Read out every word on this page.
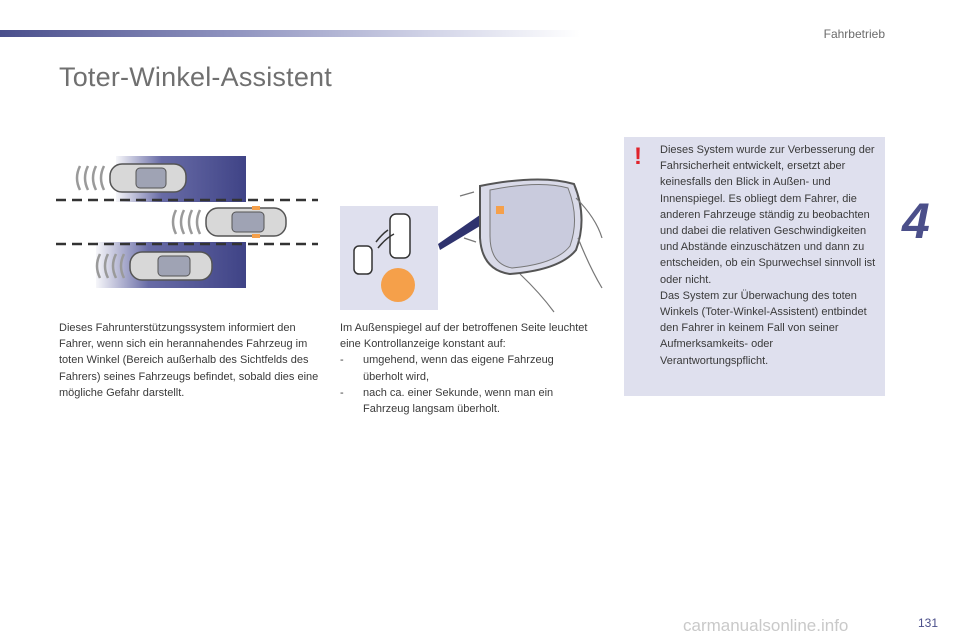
Fahrbetrieb
Toter-Winkel-Assistent
4
Dieses Fahrunterstützungssystem informiert den Fahrer, wenn sich ein herannahendes Fahrzeug im toten Winkel (Bereich außerhalb des Sichtfelds des Fahrers) seines Fahrzeugs befindet, sobald dies eine mögliche Gefahr darstellt.

Im Außenspiegel auf der betroffenen Seite leuchtet eine Kontrollanzeige konstant auf:

- umgehend, wenn das eigene Fahrzeug überholt wird,
- nach ca. einer Sekunde, wenn man ein Fahrzeug langsam überholt.
! Dieses System wurde zur Verbesserung der Fahrsicherheit entwickelt, ersetzt aber keinesfalls den Blick in Außen- und Innenspiegel. Es obliegt dem Fahrer, die anderen Fahrzeuge ständig zu beobachten und dabei die relativen Geschwindigkeiten und Abstände einzuschätzen und dann zu entscheiden, ob ein Spurwechsel sinnvoll ist oder nicht.

Das System zur Überwachung des toten Winkels (Toter-Winkel-Assistent) entbindet den Fahrer in keinem Fall von seiner Aufmerksamkeits- oder Verantwortungspflicht.

131
carmanualsonline.info
